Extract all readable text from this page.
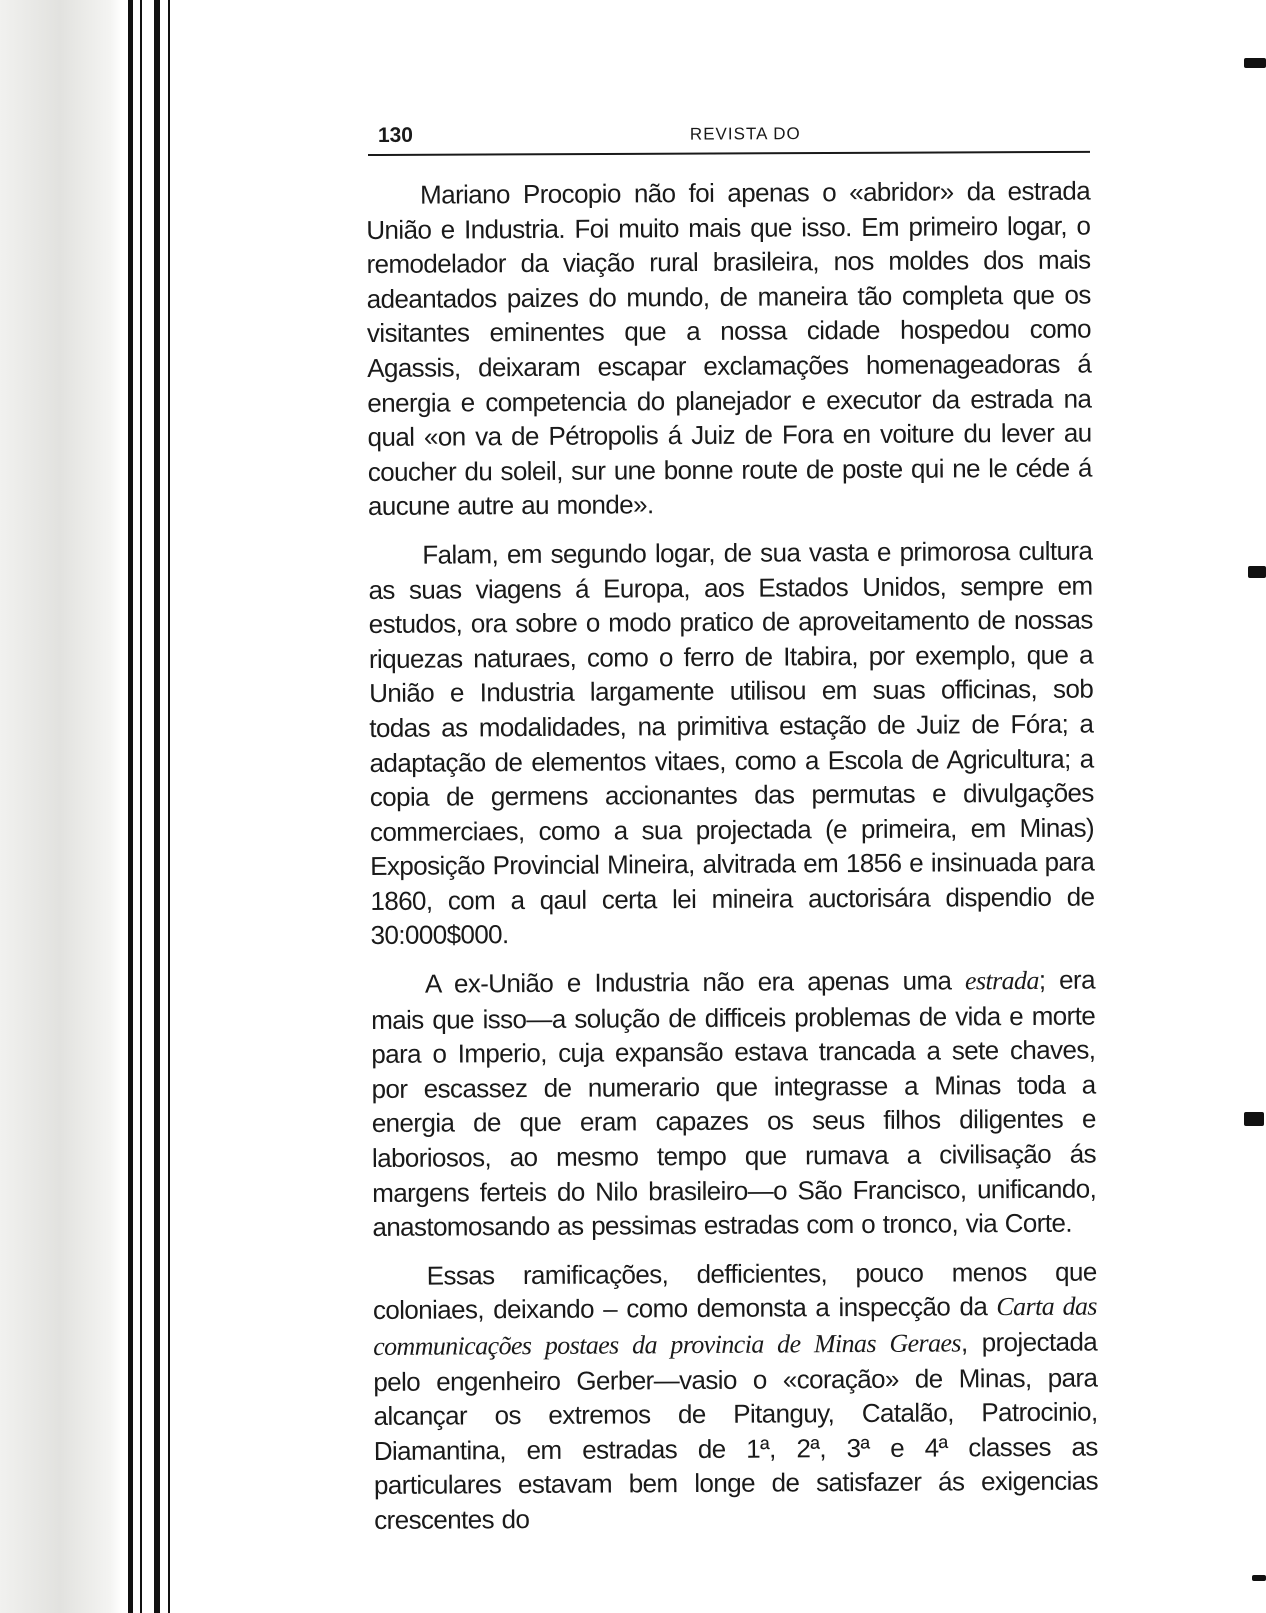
130	REVISTA DO

Mariano Procopio não foi apenas o «abridor» da estrada União e Industria. Foi muito mais que isso. Em primeiro logar, o remodelador da viação rural brasileira, nos moldes dos mais adeantados paizes do mundo, de maneira tão completa que os visitantes eminentes que a nossa cidade hospedou como Agassis, deixaram escapar exclamações homenageadoras á energia e competencia do planejador e executor da estrada na qual «on va de Pétropolis á Juiz de Fora en voiture du lever au coucher du soleil, sur une bonne route de poste qui ne le céde á aucune autre au monde».

Falam, em segundo logar, de sua vasta e primorosa cultura as suas viagens á Europa, aos Estados Unidos, sempre em estudos, ora sobre o modo pratico de aproveitamento de nossas riquezas naturaes, como o ferro de Itabira, por exemplo, que a União e Industria largamente utilisou em suas officinas, sob todas as modalidades, na primitiva estação de Juiz de Fóra; a adaptação de elementos vitaes, como a Escola de Agricultura; a copia de germens accionantes das permutas e divulgações commerciaes, como a sua projectada (e primeira, em Minas) Exposição Provincial Mineira, alvitrada em 1856 e insinuada para 1860, com a qaul certa lei mineira auctorisára dispendio de 30:000$000.

A ex-União e Industria não era apenas uma estrada; era mais que isso—a solução de difficeis problemas de vida e morte para o Imperio, cuja expansão estava trancada a sete chaves, por escassez de numerario que integrasse a Minas toda a energia de que eram capazes os seus filhos diligentes e laboriosos, ao mesmo tempo que rumava a civilisação ás margens ferteis do Nilo brasileiro—o São Francisco, unificando, anastomosando as pessimas estradas com o tronco, via Corte.

Essas ramificações, defficientes, pouco menos que coloniaes, deixando – como demonsta a inspecção da Carta das communicações postaes da provincia de Minas Geraes, projectada pelo engenheiro Gerber—vasio o «coração» de Minas, para alcançar os extremos de Pitanguy, Catalão, Patrocinio, Diamantina, em estradas de 1ª, 2ª, 3ª e 4ª classes as particulares estavam bem longe de satisfazer ás exigencias crescentes do
